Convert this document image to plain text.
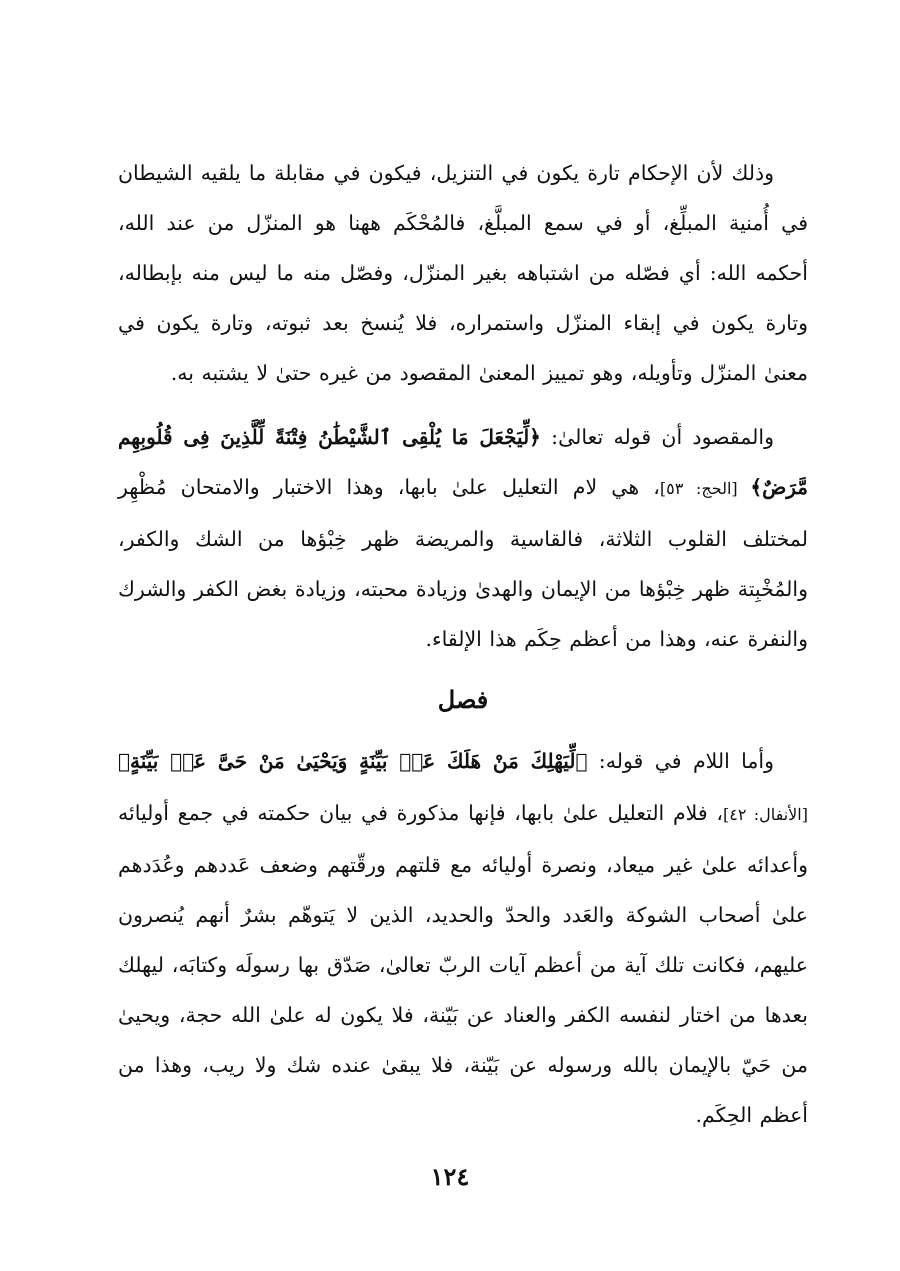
وذلك لأن الإحكام تارة يكون في التنزيل، فيكون في مقابلة ما يلقيه الشيطان في أُمنية المبلِّغ، أو في سمع المبلَّغ، فالمُحْكَم ههنا هو المنزّل من عند الله، أحكمه الله: أي فصّله من اشتباهه بغير المنزّل، وفصّل منه ما ليس منه بإبطاله، وتارة يكون في إبقاء المنزّل واستمراره، فلا يُنسخ بعد ثبوته، وتارة يكون في معنىٰ المنزّل وتأويله، وهو تمييز المعنىٰ المقصود من غيره حتىٰ لا يشتبه به.

والمقصود أن قوله تعالىٰ: ﴿لِّيَجْعَلَ مَا يُلْقِى ٱلشَّيْطَٰنُ فِتْنَةً لِّلَّذِينَ فِى قُلُوبِهِم مَّرَضٌ﴾ [الحج: ٥٣]، هي لام التعليل علىٰ بابها، وهذا الاختبار والامتحان مُظْهِر لمختلف القلوب الثلاثة، فالقاسية والمريضة ظهر خِبْؤها من الشك والكفر، والمُخْبِتة ظهر خِبْؤها من الإيمان والهدىٰ وزيادة محبته، وزيادة بغض الكفر والشرك والنفرة عنه، وهذا من أعظم حِكَم هذا الإلقاء.

فصل

وأما اللام في قوله: ﴿لِّيَهْلِكَ مَنْ هَلَكَ عَنۢ بَيِّنَةٍ وَيَحْيَىٰ مَنْ حَىَّ عَنۢ بَيِّنَةٍ﴾ [الأنفال: ٤٢]، فلام التعليل علىٰ بابها، فإنها مذكورة في بيان حكمته في جمع أوليائه وأعدائه علىٰ غير ميعاد، ونصرة أوليائه مع قلتهم ورقّتهم وضعف عَددهم وعُدَدهم علىٰ أصحاب الشوكة والعَدد والحدّ والحديد، الذين لا يَتوهّم بشرٌ أنهم يُنصرون عليهم، فكانت تلك آية من أعظم آيات الربّ تعالىٰ، صَدّق بها رسولَه وكتابَه، ليهلك بعدها من اختار لنفسه الكفر والعناد عن بَيّنة، فلا يكون له علىٰ الله حجة، ويحيىٰ من حَيّ بالإيمان بالله ورسوله عن بَيّنة، فلا يبقىٰ عنده شك ولا ريب، وهذا من أعظم الحِكَم.

١٢٤
